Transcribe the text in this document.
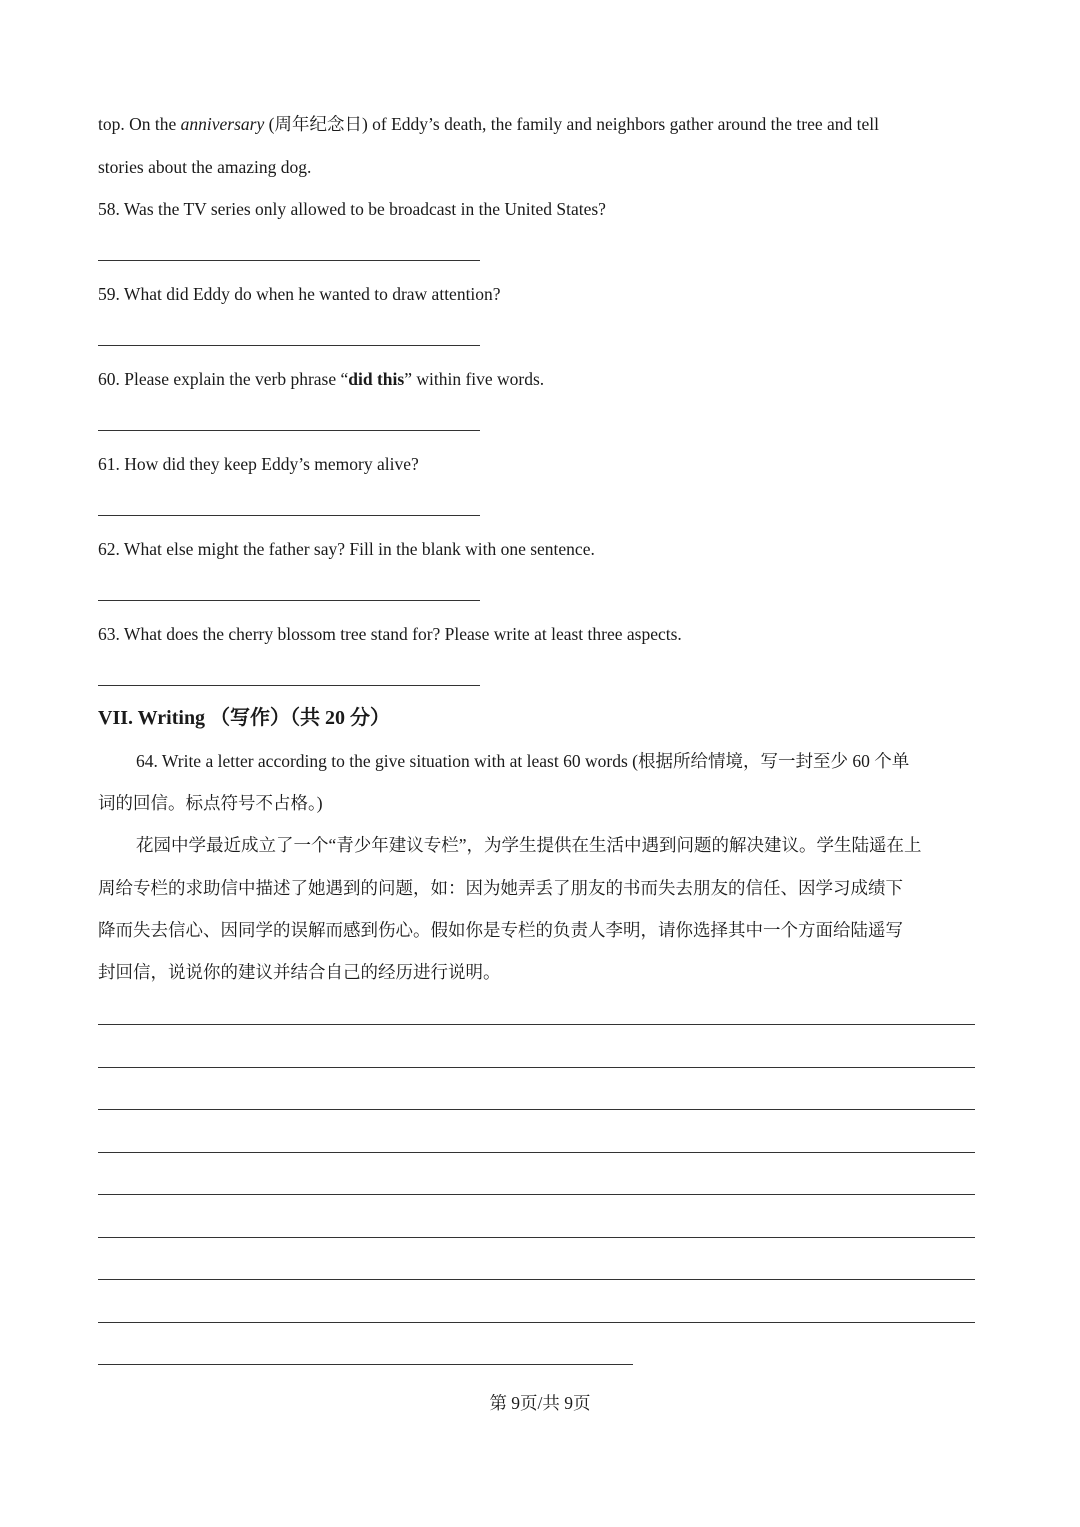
top. On the anniversary (周年纪念日) of Eddy’s death, the family and neighbors gather around the tree and tell
stories about the amazing dog.
58. Was the TV series only allowed to be broadcast in the United States?
59. What did Eddy do when he wanted to draw attention?
60. Please explain the verb phrase “did this” within five words.
61. How did they keep Eddy’s memory alive?
62. What else might the father say? Fill in the blank with one sentence.
63. What does the cherry blossom tree stand for? Please write at least three aspects.
VII. Writing （写作）（共 20 分）
64. Write a letter according to the give situation with at least 60 words (根据所给情境，写一封至少 60 个单
词的回信。标点符号不占格。)
花园中学最近成立了一个“青少年建议专栏”，为学生提供在生活中遇到问题的解决建议。学生陆遥在上
周给专栏的求助信中描述了她遇到的问题，如：因为她弄丢了朋友的书而失去朋友的信任、因学习成绩下
降而失去信心、因同学的误解而感到伤心。假如你是专栏的负责人李明，请你选择其中一个方面给陆遥写
封回信，说说你的建议并结合自己的经历进行说明。
第 9页/共 9页
